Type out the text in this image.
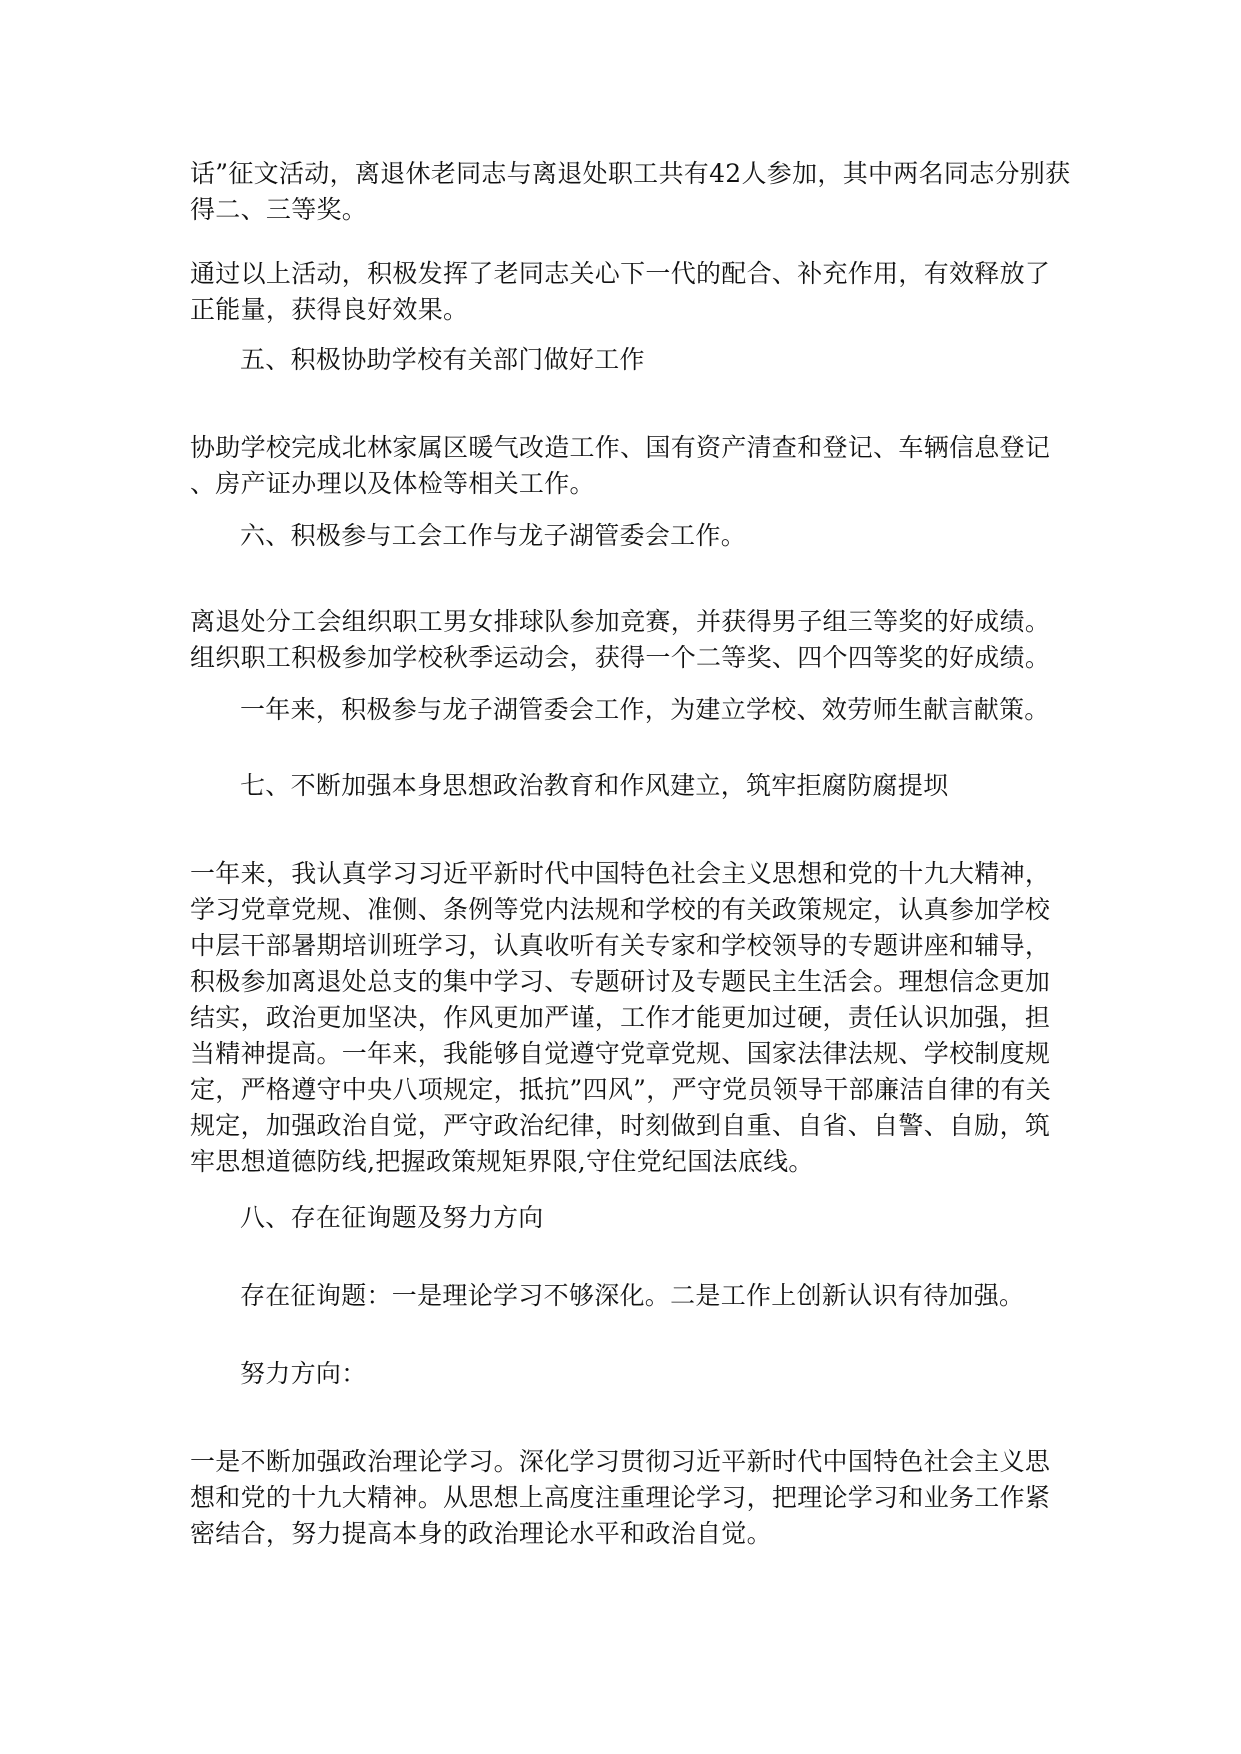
话”征文活动，离退休老同志与离退处职工共有42人参加，其中两名同志分别获
得二、三等奖。
通过以上活动，积极发挥了老同志关心下一代的配合、补充作用，有效释放了
正能量，获得良好效果。
五、积极协助学校有关部门做好工作
协助学校完成北林家属区暖气改造工作、国有资产清查和登记、车辆信息登记
、房产证办理以及体检等相关工作。
六、积极参与工会工作与龙子湖管委会工作。
离退处分工会组织职工男女排球队参加竞赛，并获得男子组三等奖的好成绩。
组织职工积极参加学校秋季运动会，获得一个二等奖、四个四等奖的好成绩。
一年来，积极参与龙子湖管委会工作，为建立学校、效劳师生献言献策。
七、不断加强本身思想政治教育和作风建立，筑牢拒腐防腐提坝
一年来，我认真学习习近平新时代中国特色社会主义思想和党的十九大精神，
学习党章党规、准侧、条例等党内法规和学校的有关政策规定，认真参加学校
中层干部暑期培训班学习，认真收听有关专家和学校领导的专题讲座和辅导，
积极参加离退处总支的集中学习、专题研讨及专题民主生活会。理想信念更加
结实，政治更加坚决，作风更加严谨，工作才能更加过硬，责任认识加强，担
当精神提高。一年来，我能够自觉遵守党章党规、国家法律法规、学校制度规
定，严格遵守中央八项规定，抵抗”四风”，严守党员领导干部廉洁自律的有关
规定，加强政治自觉，严守政治纪律，时刻做到自重、自省、自警、自励，筑
牢思想道德防线,把握政策规矩界限,守住党纪国法底线。
八、存在征询题及努力方向
存在征询题：一是理论学习不够深化。二是工作上创新认识有待加强。
努力方向：
一是不断加强政治理论学习。深化学习贯彻习近平新时代中国特色社会主义思
想和党的十九大精神。从思想上高度注重理论学习，把理论学习和业务工作紧
密结合，努力提高本身的政治理论水平和政治自觉。
